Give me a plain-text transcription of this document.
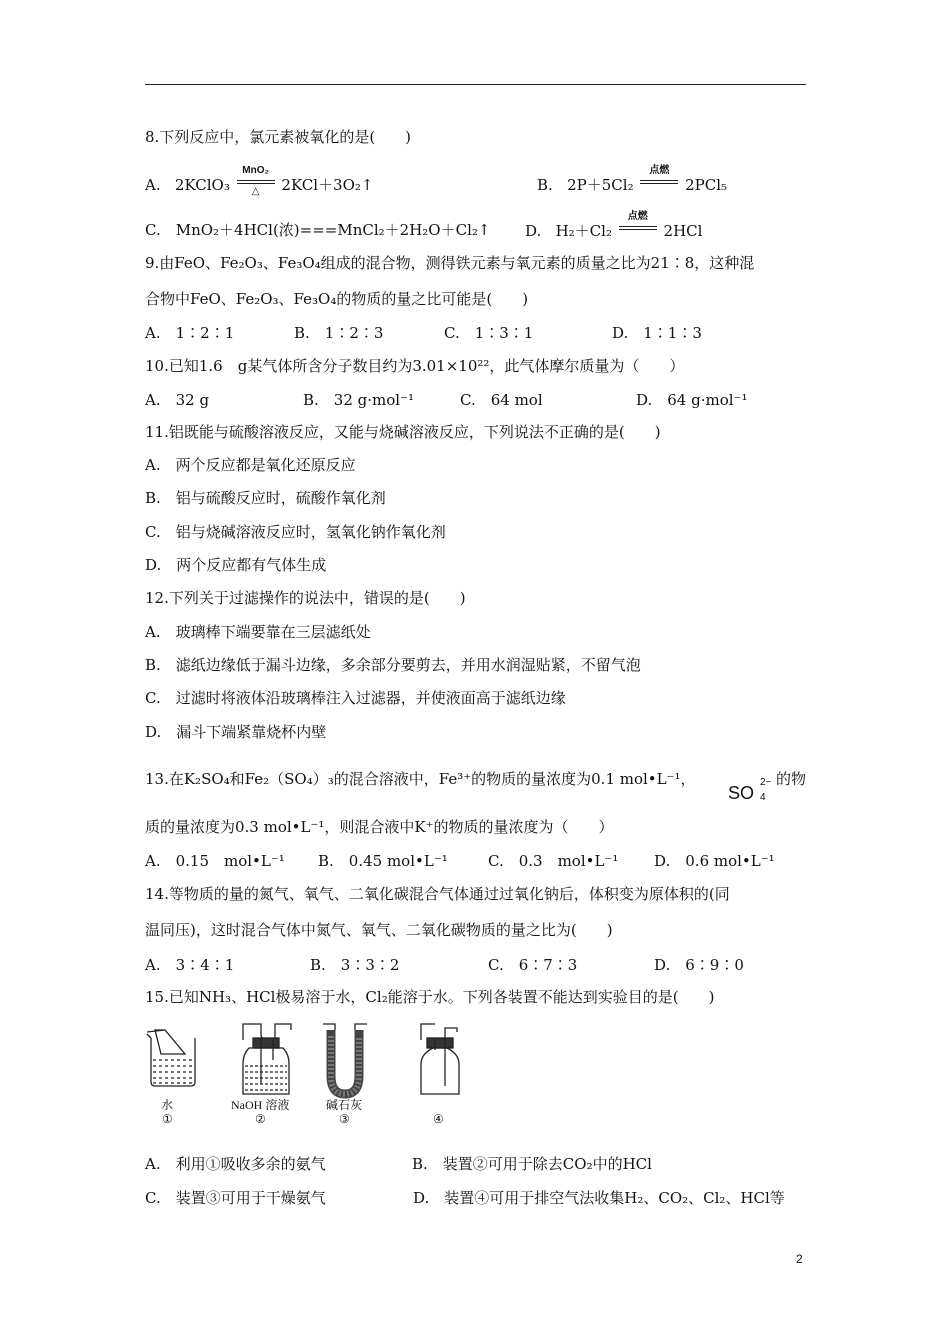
8.下列反应中，氯元素被氧化的是(　　)
A. 2KClO₃
MnO₂
△	2KCl＋3O₂↑	B. 2P＋5Cl₂
点燃
2PCl₅
C.　MnO₂＋4HCl(浓)===MnCl₂＋2H₂O＋Cl₂↑ D. H₂＋Cl₂
点燃
2HCl
9.由FeO、Fe₂O₃、Fe₃O₄组成的混合物，测得铁元素与氧元素的质量之比为21∶8，这种混
合物中FeO、Fe₂O₃、Fe₃O₄的物质的量之比可能是(　　)
A.　1∶2∶1	B.　1∶2∶3	C.　1∶3∶1	D.　1∶1∶3
10.已知1.6　g某气体所含分子数目约为3.01×10²²，此气体摩尔质量为（　　）
A.　32 g	B.　32 g·mol⁻¹	C.　64 mol	D.　64 g·mol⁻¹
11.铝既能与硫酸溶液反应，又能与烧碱溶液反应，下列说法不正确的是(　　)
A.　两个反应都是氧化还原反应
B.　铝与硫酸反应时，硫酸作氧化剂
C.　铝与烧碱溶液反应时，氢氧化钠作氧化剂
D.　两个反应都有气体生成
12.下列关于过滤操作的说法中，错误的是(　　)
A.　玻璃棒下端要靠在三层滤纸处
B.　滤纸边缘低于漏斗边缘，多余部分要剪去，并用水润湿贴紧，不留气泡
C.　过滤时将液体沿玻璃棒注入过滤器，并使液面高于滤纸边缘
D.　漏斗下端紧靠烧杯内壁
13.在K₂SO₄和Fe₂（SO₄）₃的混合溶液中，Fe³⁺的物质的量浓度为0.1 mol•L⁻¹，
SO
2−
4
的物
质的量浓度为0.3 mol•L⁻¹，则混合液中K⁺的物质的量浓度为（　　）
A.　0.15　mol•L⁻¹ B.　0.45 mol•L⁻¹	C.　0.3　mol•L⁻¹ D.　0.6 mol•L⁻¹
14.等物质的量的氮气、氧气、二氧化碳混合气体通过过氧化钠后，体积变为原体积的(同
温同压)，这时混合气体中氮气、氧气、二氧化碳物质的量之比为(　　)
A.　3∶4∶1	B.　3∶3∶2	C.　6∶7∶3	D.　6∶9∶0
15.已知NH₃、HCl极易溶于水，Cl₂能溶于水。下列各装置不能达到实验目的是(　　)
水
①
NaOH 溶液
②
碱石灰
③	④
A.　利用①吸收多余的氨气	B.　装置②可用于除去CO₂中的HCl
C.　装置③可用于干燥氨气	D.　装置④可用于排空气法收集H₂、CO₂、Cl₂、HCl等
2
